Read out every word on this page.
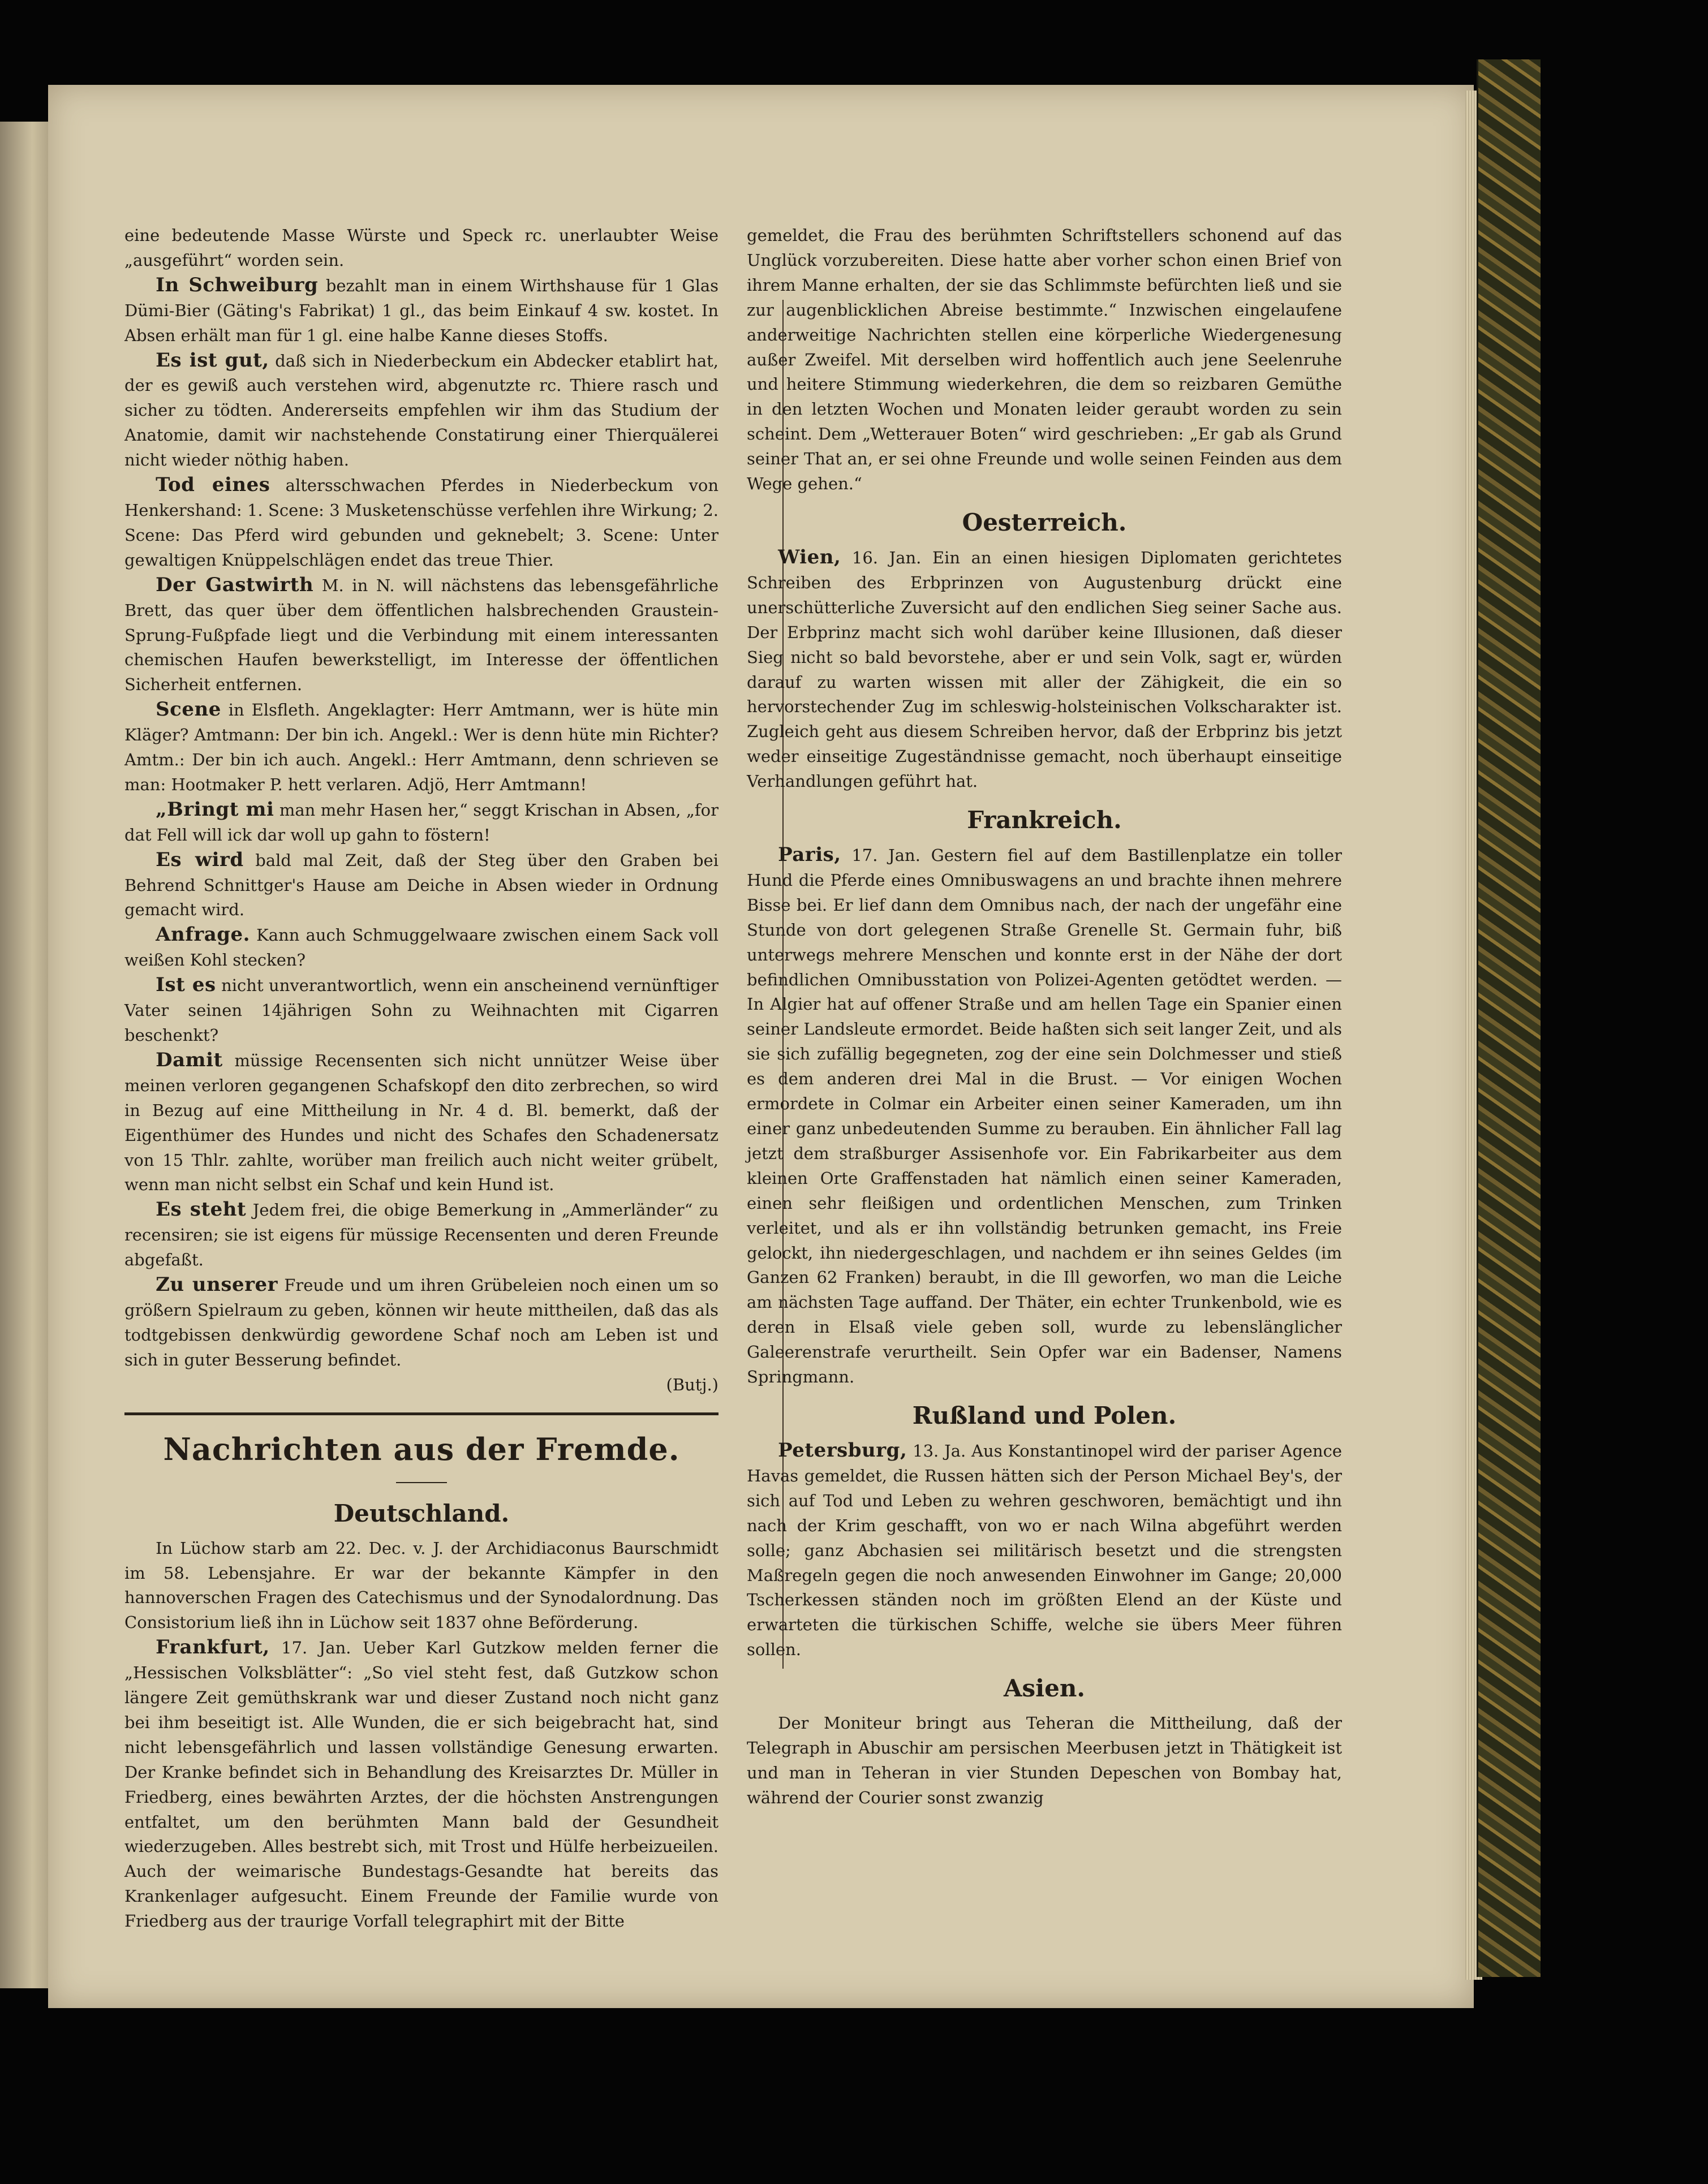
eine bedeutende Masse Würste und Speck rc. unerlaubter Weise „ausgeführt“ worden sein.

In Schweiburg bezahlt man in einem Wirthshause für 1 Glas Dümi-Bier (Gäting's Fabrikat) 1 gl., das beim Einkauf 4 sw. kostet. In Absen erhält man für 1 gl. eine halbe Kanne dieses Stoffs.

Es ist gut, daß sich in Niederbeckum ein Abdecker etablirt hat, der es gewiß auch verstehen wird, abgenutzte rc. Thiere rasch und sicher zu tödten. Andererseits empfehlen wir ihm das Studium der Anatomie, damit wir nachstehende Constatirung einer Thierquälerei nicht wieder nöthig haben.

Tod eines altersschwachen Pferdes in Niederbeckum von Henkershand: 1. Scene: 3 Musketenschüsse verfehlen ihre Wirkung; 2. Scene: Das Pferd wird gebunden und geknebelt; 3. Scene: Unter gewaltigen Knüppelschlägen endet das treue Thier.

Der Gastwirth M. in N. will nächstens das lebensgefährliche Brett, das quer über dem öffentlichen halsbrechenden Graustein-Sprung-Fußpfade liegt und die Verbindung mit einem interessanten chemischen Haufen bewerkstelligt, im Interesse der öffentlichen Sicherheit entfernen.

Scene in Elsfleth. Angeklagter: Herr Amtmann, wer is hüte min Kläger? Amtmann: Der bin ich. Angekl.: Wer is denn hüte min Richter? Amtm.: Der bin ich auch. Angekl.: Herr Amtmann, denn schrieven se man: Hootmaker P. hett verlaren. Adjö, Herr Amtmann!

„Bringt mi man mehr Hasen her,“ seggt Krischan in Absen, „for dat Fell will ick dar woll up gahn to föstern!

Es wird bald mal Zeit, daß der Steg über den Graben bei Behrend Schnittger's Hause am Deiche in Absen wieder in Ordnung gemacht wird.

Anfrage. Kann auch Schmuggelwaare zwischen einem Sack voll weißen Kohl stecken?

Ist es nicht unverantwortlich, wenn ein anscheinend vernünftiger Vater seinen 14jährigen Sohn zu Weihnachten mit Cigarren beschenkt?

Damit müssige Recensenten sich nicht unnützer Weise über meinen verloren gegangenen Schafskopf den dito zerbrechen, so wird in Bezug auf eine Mittheilung in Nr. 4 d. Bl. bemerkt, daß der Eigenthümer des Hundes und nicht des Schafes den Schadenersatz von 15 Thlr. zahlte, worüber man freilich auch nicht weiter grübelt, wenn man nicht selbst ein Schaf und kein Hund ist.

Es steht Jedem frei, die obige Bemerkung in „Ammerländer“ zu recensiren; sie ist eigens für müssige Recensenten und deren Freunde abgefaßt.

Zu unserer Freude und um ihren Grübeleien noch einen um so größern Spielraum zu geben, können wir heute mittheilen, daß das als todtgebissen denkwürdig gewordene Schaf noch am Leben ist und sich in guter Besserung befindet.

(Butj.)
Nachrichten aus der Fremde.
Deutschland.

In Lüchow starb am 22. Dec. v. J. der Archidiaconus Baurschmidt im 58. Lebensjahre. Er war der bekannte Kämpfer in den hannoverschen Fragen des Catechismus und der Synodalordnung. Das Consistorium ließ ihn in Lüchow seit 1837 ohne Beförderung.

Frankfurt, 17. Jan. Ueber Karl Gutzkow melden ferner die „Hessischen Volksblätter“: „So viel steht fest, daß Gutzkow schon längere Zeit gemüthskrank war und dieser Zustand noch nicht ganz bei ihm beseitigt ist. Alle Wunden, die er sich beigebracht hat, sind nicht lebensgefährlich und lassen vollständige Genesung erwarten. Der Kranke befindet sich in Behandlung des Kreisarztes Dr. Müller in Friedberg, eines bewährten Arztes, der die höchsten Anstrengungen entfaltet, um den berühmten Mann bald der Gesundheit wiederzugeben. Alles bestrebt sich, mit Trost und Hülfe herbeizueilen. Auch der weimarische Bundestags-Gesandte hat bereits das Krankenlager aufgesucht. Einem Freunde der Familie wurde von Friedberg aus der traurige Vorfall telegraphirt mit der Bitte

gemeldet, die Frau des berühmten Schriftstellers schonend auf das Unglück vorzubereiten. Diese hatte aber vorher schon einen Brief von ihrem Manne erhalten, der sie das Schlimmste befürchten ließ und sie zur augenblicklichen Abreise bestimmte.“ Inzwischen eingelaufene anderweitige Nachrichten stellen eine körperliche Wiedergenesung außer Zweifel. Mit derselben wird hoffentlich auch jene Seelenruhe und heitere Stimmung wiederkehren, die dem so reizbaren Gemüthe in den letzten Wochen und Monaten leider geraubt worden zu sein scheint. Dem „Wetterauer Boten“ wird geschrieben: „Er gab als Grund seiner That an, er sei ohne Freunde und wolle seinen Feinden aus dem Wege gehen.“

Oesterreich.

Wien, 16. Jan. Ein an einen hiesigen Diplomaten gerichtetes Schreiben des Erbprinzen von Augustenburg drückt eine unerschütterliche Zuversicht auf den endlichen Sieg seiner Sache aus. Der Erbprinz macht sich wohl darüber keine Illusionen, daß dieser Sieg nicht so bald bevorstehe, aber er und sein Volk, sagt er, würden darauf zu warten wissen mit aller der Zähigkeit, die ein so hervorstechender Zug im schleswig-holsteinischen Volkscharakter ist. Zugleich geht aus diesem Schreiben hervor, daß der Erbprinz bis jetzt weder einseitige Zugeständnisse gemacht, noch überhaupt einseitige Verhandlungen geführt hat.

Frankreich.

Paris, 17. Jan. Gestern fiel auf dem Bastillenplatze ein toller Hund die Pferde eines Omnibuswagens an und brachte ihnen mehrere Bisse bei. Er lief dann dem Omnibus nach, der nach der ungefähr eine Stunde von dort gelegenen Straße Grenelle St. Germain fuhr, biß unterwegs mehrere Menschen und konnte erst in der Nähe der dort befindlichen Omnibusstation von Polizei-Agenten getödtet werden. — In Algier hat auf offener Straße und am hellen Tage ein Spanier einen seiner Landsleute ermordet. Beide haßten sich seit langer Zeit, und als sie sich zufällig begegneten, zog der eine sein Dolchmesser und stieß es dem anderen drei Mal in die Brust. — Vor einigen Wochen ermordete in Colmar ein Arbeiter einen seiner Kameraden, um ihn einer ganz unbedeutenden Summe zu berauben. Ein ähnlicher Fall lag jetzt dem straßburger Assisenhofe vor. Ein Fabrikarbeiter aus dem kleinen Orte Graffenstaden hat nämlich einen seiner Kameraden, einen sehr fleißigen und ordentlichen Menschen, zum Trinken verleitet, und als er ihn vollständig betrunken gemacht, ins Freie gelockt, ihn niedergeschlagen, und nachdem er ihn seines Geldes (im Ganzen 62 Franken) beraubt, in die Ill geworfen, wo man die Leiche am nächsten Tage auffand. Der Thäter, ein echter Trunkenbold, wie es deren in Elsaß viele geben soll, wurde zu lebenslänglicher Galeerenstrafe verurtheilt. Sein Opfer war ein Badenser, Namens Springmann.

Rußland und Polen.

Petersburg, 13. Ja. Aus Konstantinopel wird der pariser Agence Havas gemeldet, die Russen hätten sich der Person Michael Bey's, der sich auf Tod und Leben zu wehren geschworen, bemächtigt und ihn nach der Krim geschafft, von wo er nach Wilna abgeführt werden solle; ganz Abchasien sei militärisch besetzt und die strengsten Maßregeln gegen die noch anwesenden Einwohner im Gange; 20,000 Tscherkessen ständen noch im größten Elend an der Küste und erwarteten die türkischen Schiffe, welche sie übers Meer führen sollen.

Asien.

Der Moniteur bringt aus Teheran die Mittheilung, daß der Telegraph in Abuschir am persischen Meerbusen jetzt in Thätigkeit ist und man in Teheran in vier Stunden Depeschen von Bombay hat, während der Courier sonst zwanzig
